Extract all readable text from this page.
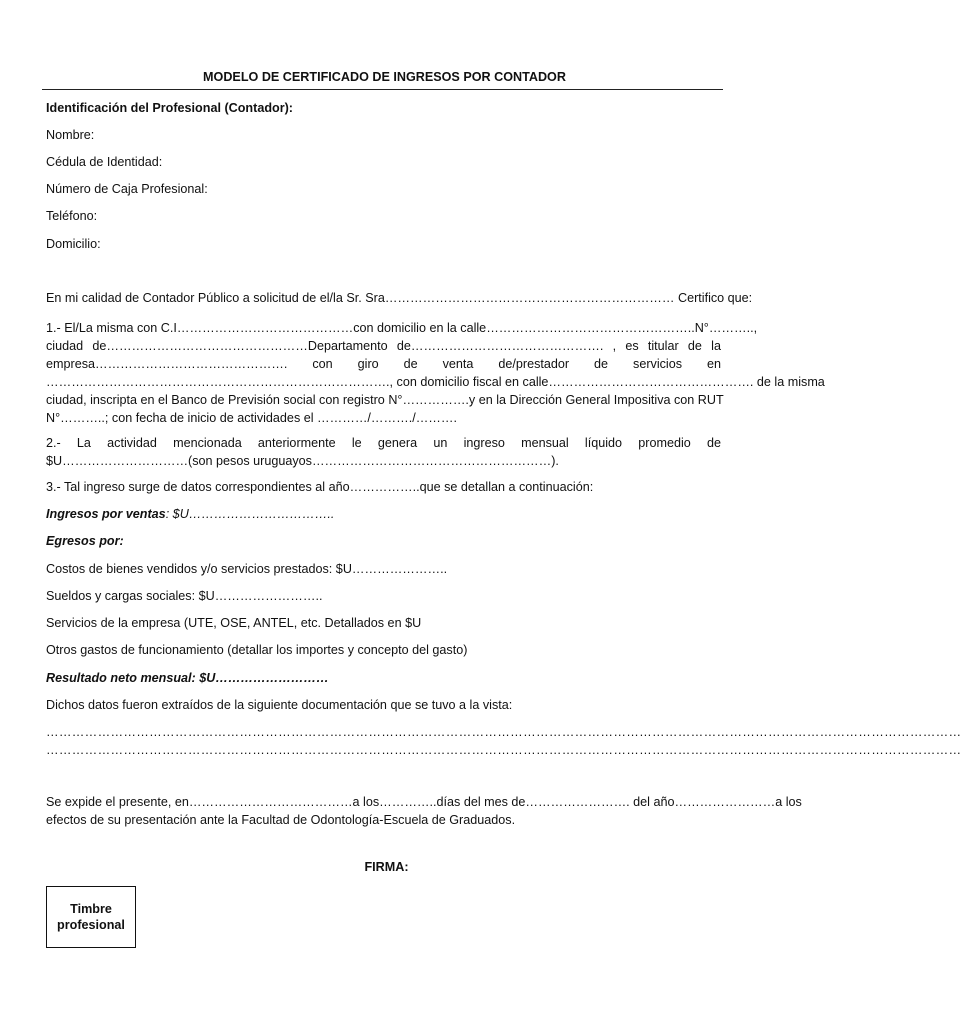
MODELO DE CERTIFICADO DE INGRESOS POR CONTADOR
Identificación del Profesional (Contador):
Nombre:
Cédula de Identidad:
Número de Caja Profesional:
Teléfono:
Domicilio:
En mi calidad de Contador Público a solicitud de el/la Sr. Sra…………………………………………………………… Certifico que:
1.- El/La misma con C.I……………………………………con domicilio en la calle…………………………………………..N°………..,
ciudad de…………………………………………Departamento de………………………………………. , es titular de la
empresa………………………………………. con giro de venta de/prestador de servicios en
………………………………………………………………………., con domicilio fiscal en calle…………………………………………. de la misma
ciudad, inscripta en el Banco de Previsión social con registro N°…………….y en la Dirección General Impositiva con RUT
N°………..; con fecha de inicio de actividades el …………/………./……….
2.- La actividad mencionada anteriormente le genera un ingreso mensual líquido promedio de
$U…………………………(son pesos uruguayos…………………………………………………).
3.- Tal ingreso surge de datos correspondientes al año……………..que se detallan a continuación:
Ingresos por ventas: $U……………………………..
Egresos por:
Costos de bienes vendidos y/o servicios prestados: $U…………………..
Sueldos y cargas sociales: $U……………………..
Servicios de la empresa (UTE, OSE, ANTEL, etc. Detallados en $U
Otros gastos de funcionamiento (detallar los importes y concepto del gasto)
Resultado neto mensual: $U………………………
Dichos datos fueron extraídos de la siguiente documentación que se tuvo a la vista:
……………………………………………………………………………………………………………………………………………………………………………………………
……………………………………………………………………………………………………………………………………………………………………………………………
Se expide el presente, en…………………………………a los…………..días del mes de……………………. del año……………………a los
efectos de su presentación ante la Facultad de Odontología-Escuela de Graduados.
FIRMA:
Timbre
profesional
